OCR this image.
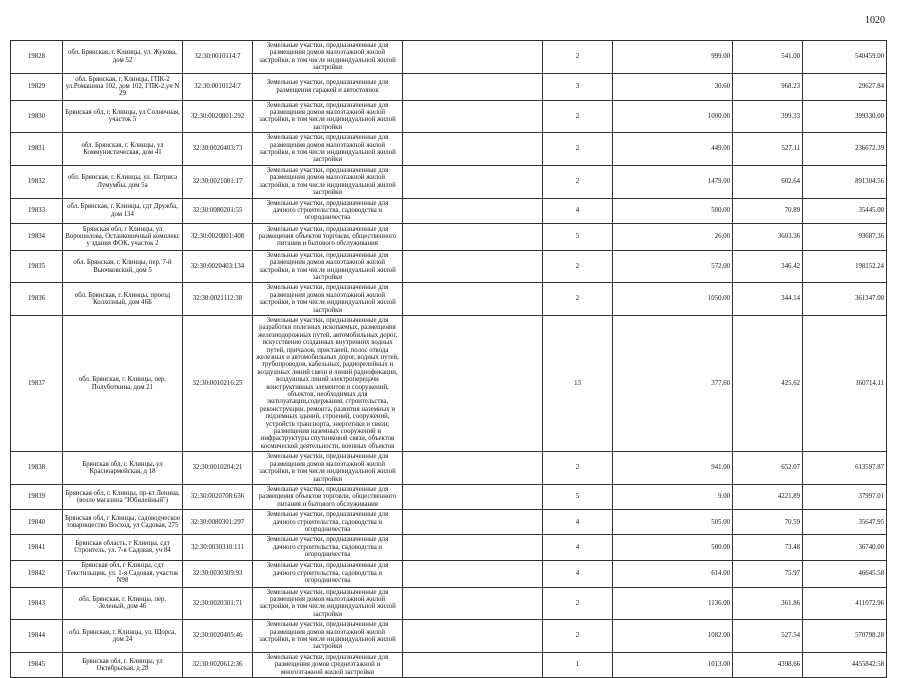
1020
19828	обл. Брянская, г. Клинцы, ул. Жукова, дом 52	32:30:0010114:7	Земельные участки, предназначенные для размещения домов малоэтажной жилой застройки, в том числе индивидуальной жилой застройки		2	999.00	541.00	540459.00
19829	обл. Брянская, г. Клинцы, ГПК-2 ул.Ромашина 102, дом 102, ГПК-2,уч N 29	32:30:0010124:7	Земельные участки, предназначенные для размещения гаражей и автостоянок		3	30.60	968.23	29627.84
19830	Брянская обл, г. Клинцы, ул Солнечная, участок 5	32:30:0020801:292	Земельные участки, предназначенные для размещения домов малоэтажной жилой застройки, в том числе индивидуальной жилой застройки		2	1000.00	399.33	399330.00
19831	обл. Брянская, г. Клинцы, ул Коммунистическая, дом 41	32:30:0020403:73	Земельные участки, предназначенные для размещения домов малоэтажной жилой застройки, в том числе индивидуальной жилой застройки		2	449.00	527.11	236672.39
19832	обл. Брянская, г. Клинцы, ул. Патриса Лумумбы, дом 5а	32:30:0021001:17	Земельные участки, предназначенные для размещения домов малоэтажной жилой застройки, в том числе индивидуальной жилой застройки		2	1479.00	602.64	891304.56
19833	обл. Брянская, г. Клинцы, сдт Дружба, дом 134	32:30:0080201:55	Земельные участки, предназначенные для дачного строительства, садоводства и огородничества		4	500.00	70.89	35445.00
19834	Брянская обл, г Клинцы, ул Ворошилова, Останковичный комплекс у здания ФОК, участок 2	32:30:0020801:408	Земельные участки, предназначенные для размещения объектов торговли, общественного питания и бытового обслуживания		5	26.00	3603.36	93687.36
19835	обл. Брянская, г. Клинцы, пер. 7-й Вьючковский, дом 5	32:30:0020403:134	Земельные участки, предназначенные для размещения домов малоэтажной жилой застройки, в том числе индивидуальной жилой застройки		2	572.00	346.42	198152.24
19836	обл. Брянская, г. Клинцы, проезд Колхозный, дом 46Б	32:30:0021112:38	Земельные участки, предназначенные для размещения домов малоэтажной жилой застройки, в том числе индивидуальной жилой застройки		2	1050.00	344.14	361347.00
19837	обл. Брянская, г. Клинцы, пер. Полуботкина, дом 21	32:30:0010216:25	Земельные участки, предназначенные для разработки полезных ископаемых, размещения железнодорожных путей, автомобильных дорог, искусственно созданных внутренних водных путей, причалов, пристаней, полос отвода железных и автомобильных дорог, водных путей, трубопроводов, кабельных, радиорелейных и воздушных линий связи и линий радиофикации, воздушных линий электропередачи конструктивных элементов и сооружений, объектов, необходимых для эксплуатации,содержания, строительства, реконструкции, ремонта, развития наземных и подземных зданий, строений, сооружений, устройств транспорта, энергетики и связи; размещения наземных сооружений и инфраструктуры спутниковой связи, объектов космической деятельности, военных объектов		13	377.60	425.62	160714.11
19838	Брянская обл, г. Клинцы, ул Красноармейская, д 18	32:30:0010204:21	Земельные участки, предназначенные для размещения домов малоэтажной жилой застройки, в том числе индивидуальной жилой застройки		2	941.00	652.07	613597.87
19839	Брянская обл, г. Клинцы, пр-кт Ленина, (возле магазина "Юбилейный")	32:30:0020708:636	Земельные участки, предназначенные для размещения объектов торговли, общественного питания и бытового обслуживания		5	9.00	4221.89	37997.01
19840	Брянская обл, г Клинцы, садоводческое товарищество Восход, ул Садовая, 275	32:30:0080301:297	Земельные участки, предназначенные для дачного строительства, садоводства и огородничества		4	505.00	70.59	35647.95
19841	Брянская область, г Клинцы, сдт Строитель, ул. 7-я Садовая, уч 84	32:30:0030310:111	Земельные участки, предназначенные для дачного строительства, садоводства и огородничества		4	500.00	73.48	36740.00
19842	Брянская обл, г Клинцы, сдт Текстильщик, ул. 1-я Садовая, участок N98	32:30:0030309:93	Земельные участки, предназначенные для дачного строительства, садоводства и огородничества		4	614.00	75.97	46645.58
19843	обл. Брянская, г. Клинцы, пер. Зеленый, дом 46	32:30:0020301:71	Земельные участки, предназначенные для размещения домов малоэтажной жилой застройки, в том числе индивидуальной жилой застройки		2	1136.00	361.86	411072.96
19844	обл. Брянская, г. Клинцы, ул. Щорса, дом 24	32:30:0020405:46	Земельные участки, предназначенные для размещения домов малоэтажной жилой застройки, в том числе индивидуальной жилой застройки		2	1082.00	527.54	570798.28
19845	Брянская обл, г. Клинцы, ул Октябрьская, д 28	32:30:0020612:36	Земельные участки, предназначенные для размещения домов среднеэтажной и многоэтажной жилой застройки		1	1013.00	4398.66	4455842.58
